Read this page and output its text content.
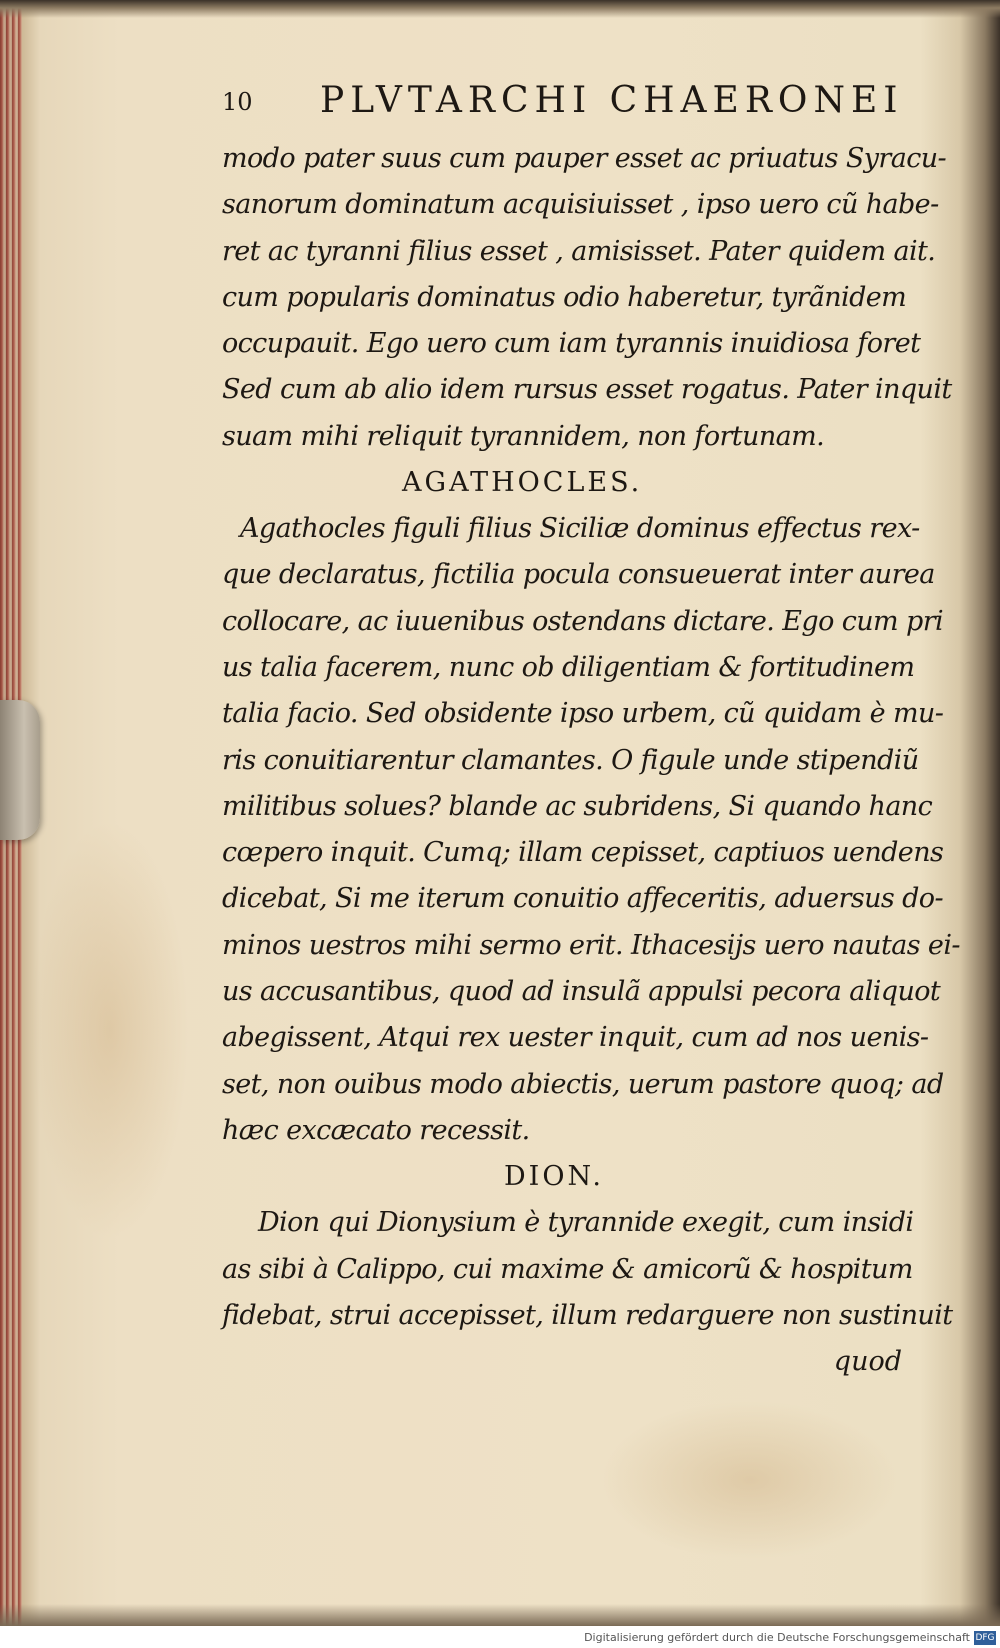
10 PLVTARCHI CHAERONEI
modo pater suus cum pauper esset ac priuatus Syracu-
sanorum dominatum acquisiuisset , ipso uero cũ habe-
ret ac tyranni filius esset , amisisset. Pater quidem ait.
cum popularis dominatus odio haberetur, tyrãnidem
occupauit. Ego uero cum iam tyrannis inuidiosa foret
Sed cum ab alio idem rursus esset rogatus. Pater inquit
suam mihi reliquit tyrannidem, non fortunam.
AGATHOCLES.
Agathocles figuli filius Siciliæ dominus effectus rex-
que declaratus, fictilia pocula consueuerat inter aurea
collocare, ac iuuenibus ostendans dictare. Ego cum pri
us talia facerem, nunc ob diligentiam & fortitudinem
talia facio. Sed obsidente ipso urbem, cũ quidam è mu-
ris conuitiarentur clamantes. O figule unde stipendiũ
militibus solues? blande ac subridens, Si quando hanc
cœpero inquit. Cumq; illam cepisset, captiuos uendens
dicebat, Si me iterum conuitio affeceritis, aduersus do-
minos uestros mihi sermo erit. Ithacesijs uero nautas ei-
us accusantibus, quod ad insulã appulsi pecora aliquot
abegissent, Atqui rex uester inquit, cum ad nos uenis-
set, non ouibus modo abiectis, uerum pastore quoq; ad
hæc excæcato recessit.
DION.
Dion qui Dionysium è tyrannide exegit, cum insidi
as sibi à Calippo, cui maxime & amicorũ & hospitum
fidebat, strui accepisset, illum redarguere non sustinuit
quod
Digitalisierung gefördert durch die Deutsche Forschungsgemeinschaft DFG
